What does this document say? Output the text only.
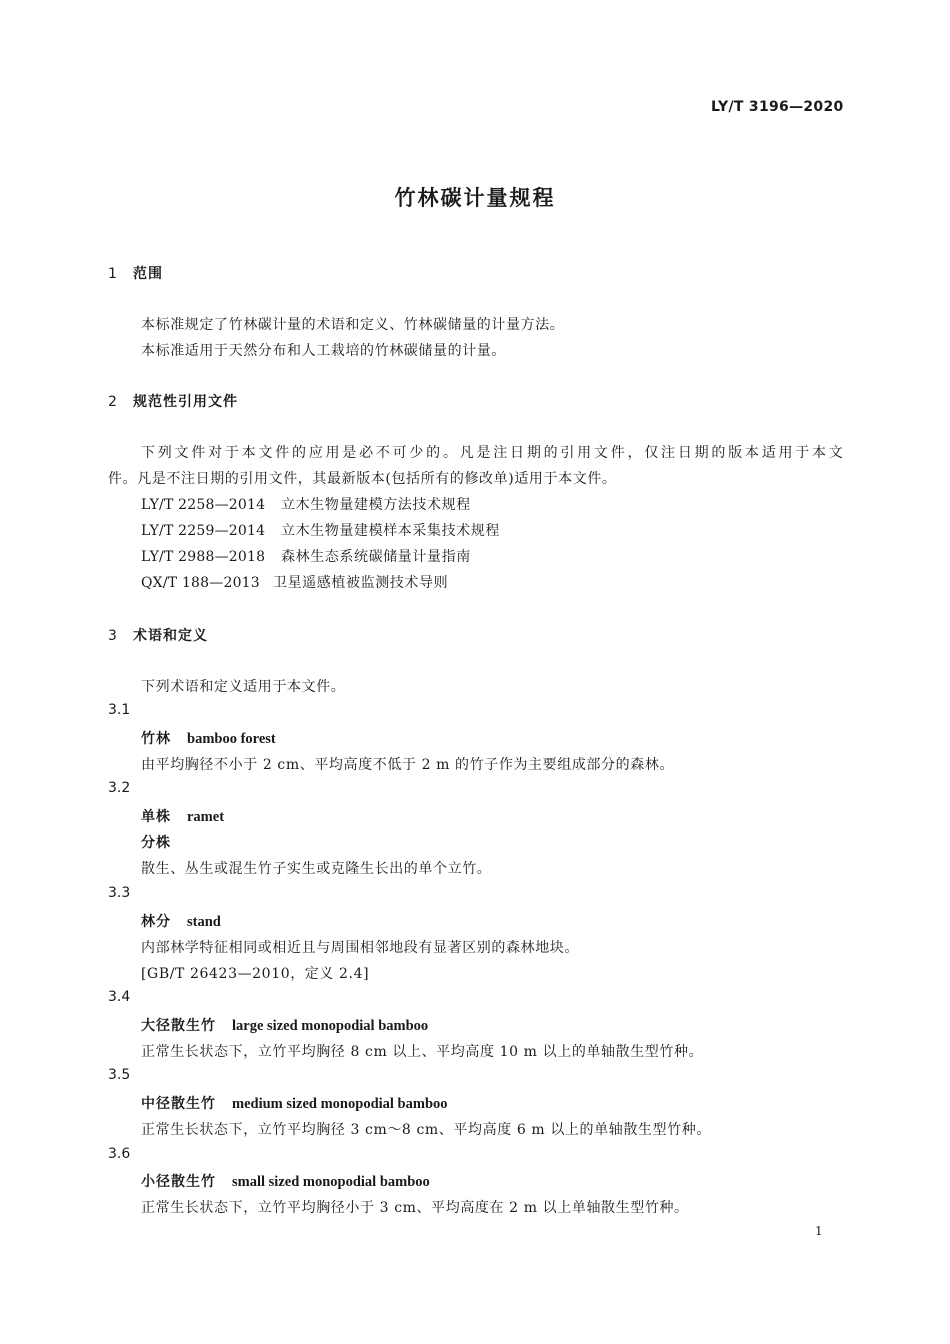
LY/T 3196—2020
竹林碳计量规程
1 范围
本标准规定了竹林碳计量的术语和定义、竹林碳储量的计量方法。
本标准适用于天然分布和人工栽培的竹林碳储量的计量。
2 规范性引用文件
下列文件对于本文件的应用是必不可少的。凡是注日期的引用文件，仅注日期的版本适用于本文
件。凡是不注日期的引用文件，其最新版本(包括所有的修改单)适用于本文件。
LY/T 2258—2014 立木生物量建模方法技术规程
LY/T 2259—2014 立木生物量建模样本采集技术规程
LY/T 2988—2018 森林生态系统碳储量计量指南
QX/T 188—2013 卫星遥感植被监测技术导则
3 术语和定义
下列术语和定义适用于本文件。
3.1
竹林 bamboo forest
由平均胸径不小于 2 cm、平均高度不低于 2 m 的竹子作为主要组成部分的森林。
3.2
单株 ramet
分株
散生、丛生或混生竹子实生或克隆生长出的单个立竹。
3.3
林分 stand
内部林学特征相同或相近且与周围相邻地段有显著区别的森林地块。
[GB/T 26423—2010，定义 2.4]
3.4
大径散生竹 large sized monopodial bamboo
正常生长状态下，立竹平均胸径 8 cm 以上、平均高度 10 m 以上的单轴散生型竹种。
3.5
中径散生竹 medium sized monopodial bamboo
正常生长状态下，立竹平均胸径 3 cm～8 cm、平均高度 6 m 以上的单轴散生型竹种。
3.6
小径散生竹 small sized monopodial bamboo
正常生长状态下，立竹平均胸径小于 3 cm、平均高度在 2 m 以上单轴散生型竹种。
1
